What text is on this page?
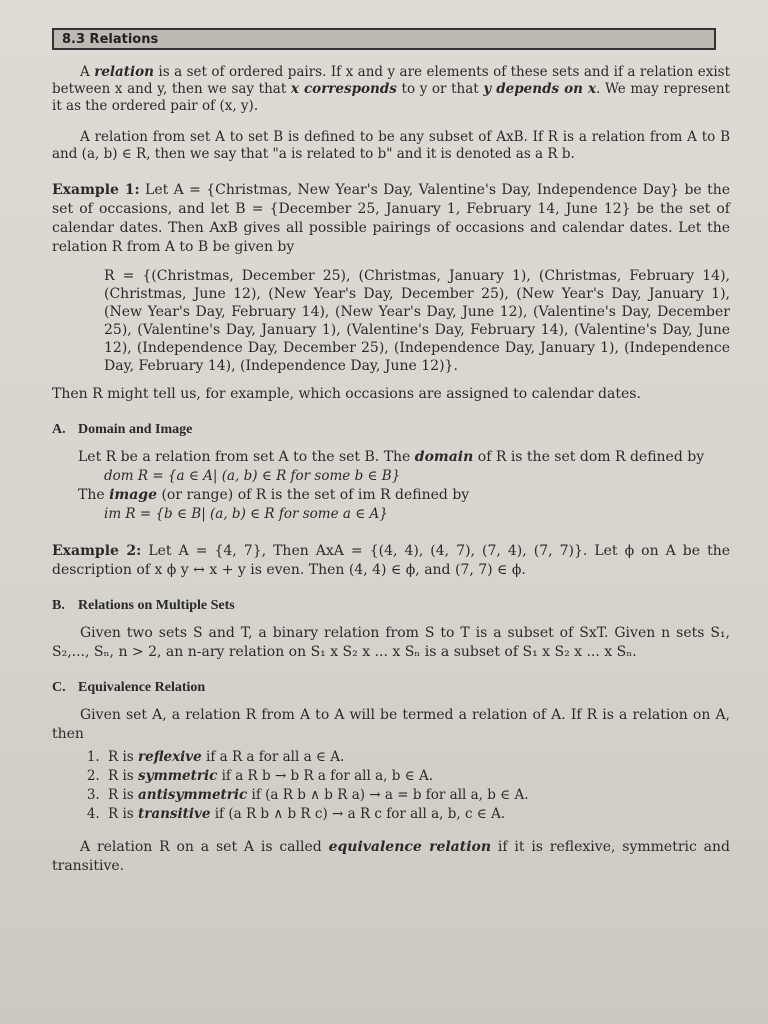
8.3 Relations

A relation is a set of ordered pairs. If x and y are elements of these sets and if a relation exist between x and y, then we say that x corresponds to y or that y depends on x. We may represent it as the ordered pair of (x, y).

A relation from set A to set B is defined to be any subset of AxB. If R is a relation from A to B and (a, b) ∈ R, then we say that "a is related to b" and it is denoted as a R b.

Example 1: Let A = {Christmas, New Year's Day, Valentine's Day, Independence Day} be the set of occasions, and let B = {December 25, January 1, February 14, June 12} be the set of calendar dates. Then AxB gives all possible pairings of occasions and calendar dates. Let the relation R from A to B be given by

R = {(Christmas, December 25), (Christmas, January 1), (Christmas, February 14), (Christmas, June 12), (New Year's Day, December 25), (New Year's Day, January 1), (New Year's Day, February 14), (New Year's Day, June 12), (Valentine's Day, December 25), (Valentine's Day, January 1), (Valentine's Day, February 14), (Valentine's Day, June 12), (Independence Day, December 25), (Independence Day, January 1), (Independence Day, February 14), (Independence Day, June 12)}.

Then R might tell us, for example, which occasions are assigned to calendar dates.

A. Domain and Image

Let R be a relation from set A to the set B. The domain of R is the set dom R defined by

dom R = {a ∈ A| (a, b) ∈ R for some b ∈ B}

The image (or range) of R is the set of im R defined by

im R = {b ∈ B| (a, b) ∈ R for some a ∈ A}

Example 2: Let A = {4, 7}, Then AxA = {(4, 4), (4, 7), (7, 4), (7, 7)}. Let ϕ on A be the description of x ϕ y ↔ x + y is even. Then (4, 4) ∈ ϕ, and (7, 7) ∈ ϕ.

B. Relations on Multiple Sets

Given two sets S and T, a binary relation from S to T is a subset of SxT. Given n sets S₁, S₂,..., Sₙ, n > 2, an n-ary relation on S₁ x S₂ x ... x Sₙ is a subset of S₁ x S₂ x ... x Sₙ.

C. Equivalence Relation

Given set A, a relation R from A to A will be termed a relation of A. If R is a relation on A, then

1. R is reflexive if a R a for all a ∈ A.
2. R is symmetric if a R b → b R a for all a, b ∈ A.
3. R is antisymmetric if (a R b ∧ b R a) → a = b for all a, b ∈ A.
4. R is transitive if (a R b ∧ b R c) → a R c for all a, b, c ∈ A.

A relation R on a set A is called equivalence relation if it is reflexive, symmetric and transitive.
